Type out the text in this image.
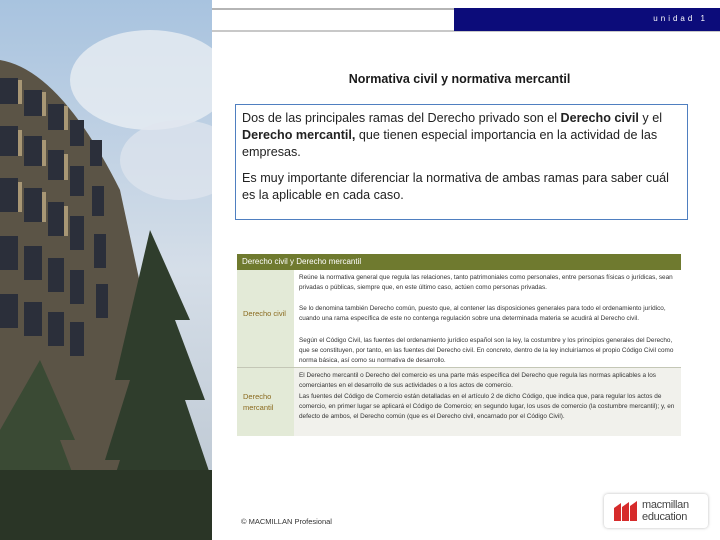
unidad 1
Normativa civil y normativa mercantil

Dos de las principales ramas del Derecho privado son el Derecho civil y el Derecho mercantil, que tienen especial importancia en la actividad de las empresas.

Es muy importante diferenciar la normativa de ambas ramas para saber cuál es la aplicable en cada caso.

Derecho civil y Derecho mercantil
Derecho civil
Derecho mercantil
Reúne la normativa general que regula las relaciones, tanto patrimoniales como personales, entre personas físicas o jurídicas, sean privadas o públicas, siempre que, en este último caso, actúen como personas privadas.
Se lo denomina también Derecho común, puesto que, al contener las disposiciones generales para todo el ordenamiento jurídico, cuando una rama específica de este no contenga regulación sobre una determinada materia se acudirá al Derecho civil.
Según el Código Civil, las fuentes del ordenamiento jurídico español son la ley, la costumbre y los principios generales del Derecho, que se constituyen, por tanto, en las fuentes del Derecho civil. En concreto, dentro de la ley incluiríamos el propio Código Civil como norma básica, así como su normativa de desarrollo.
El Derecho mercantil o Derecho del comercio es una parte más específica del Derecho que regula las normas aplicables a los comerciantes en el desarrollo de sus actividades o a los actos de comercio.
Las fuentes del Código de Comercio están detalladas en el artículo 2 de dicho Código, que indica que, para regular los actos de comercio, en primer lugar se aplicará el Código de Comercio; en segundo lugar, los usos de comercio (la costumbre mercantil); y, en defecto de ambos, el Derecho común (que es el Derecho civil, encarnado por el Código Civil).
© MACMILLAN Profesional
macmillan
education
